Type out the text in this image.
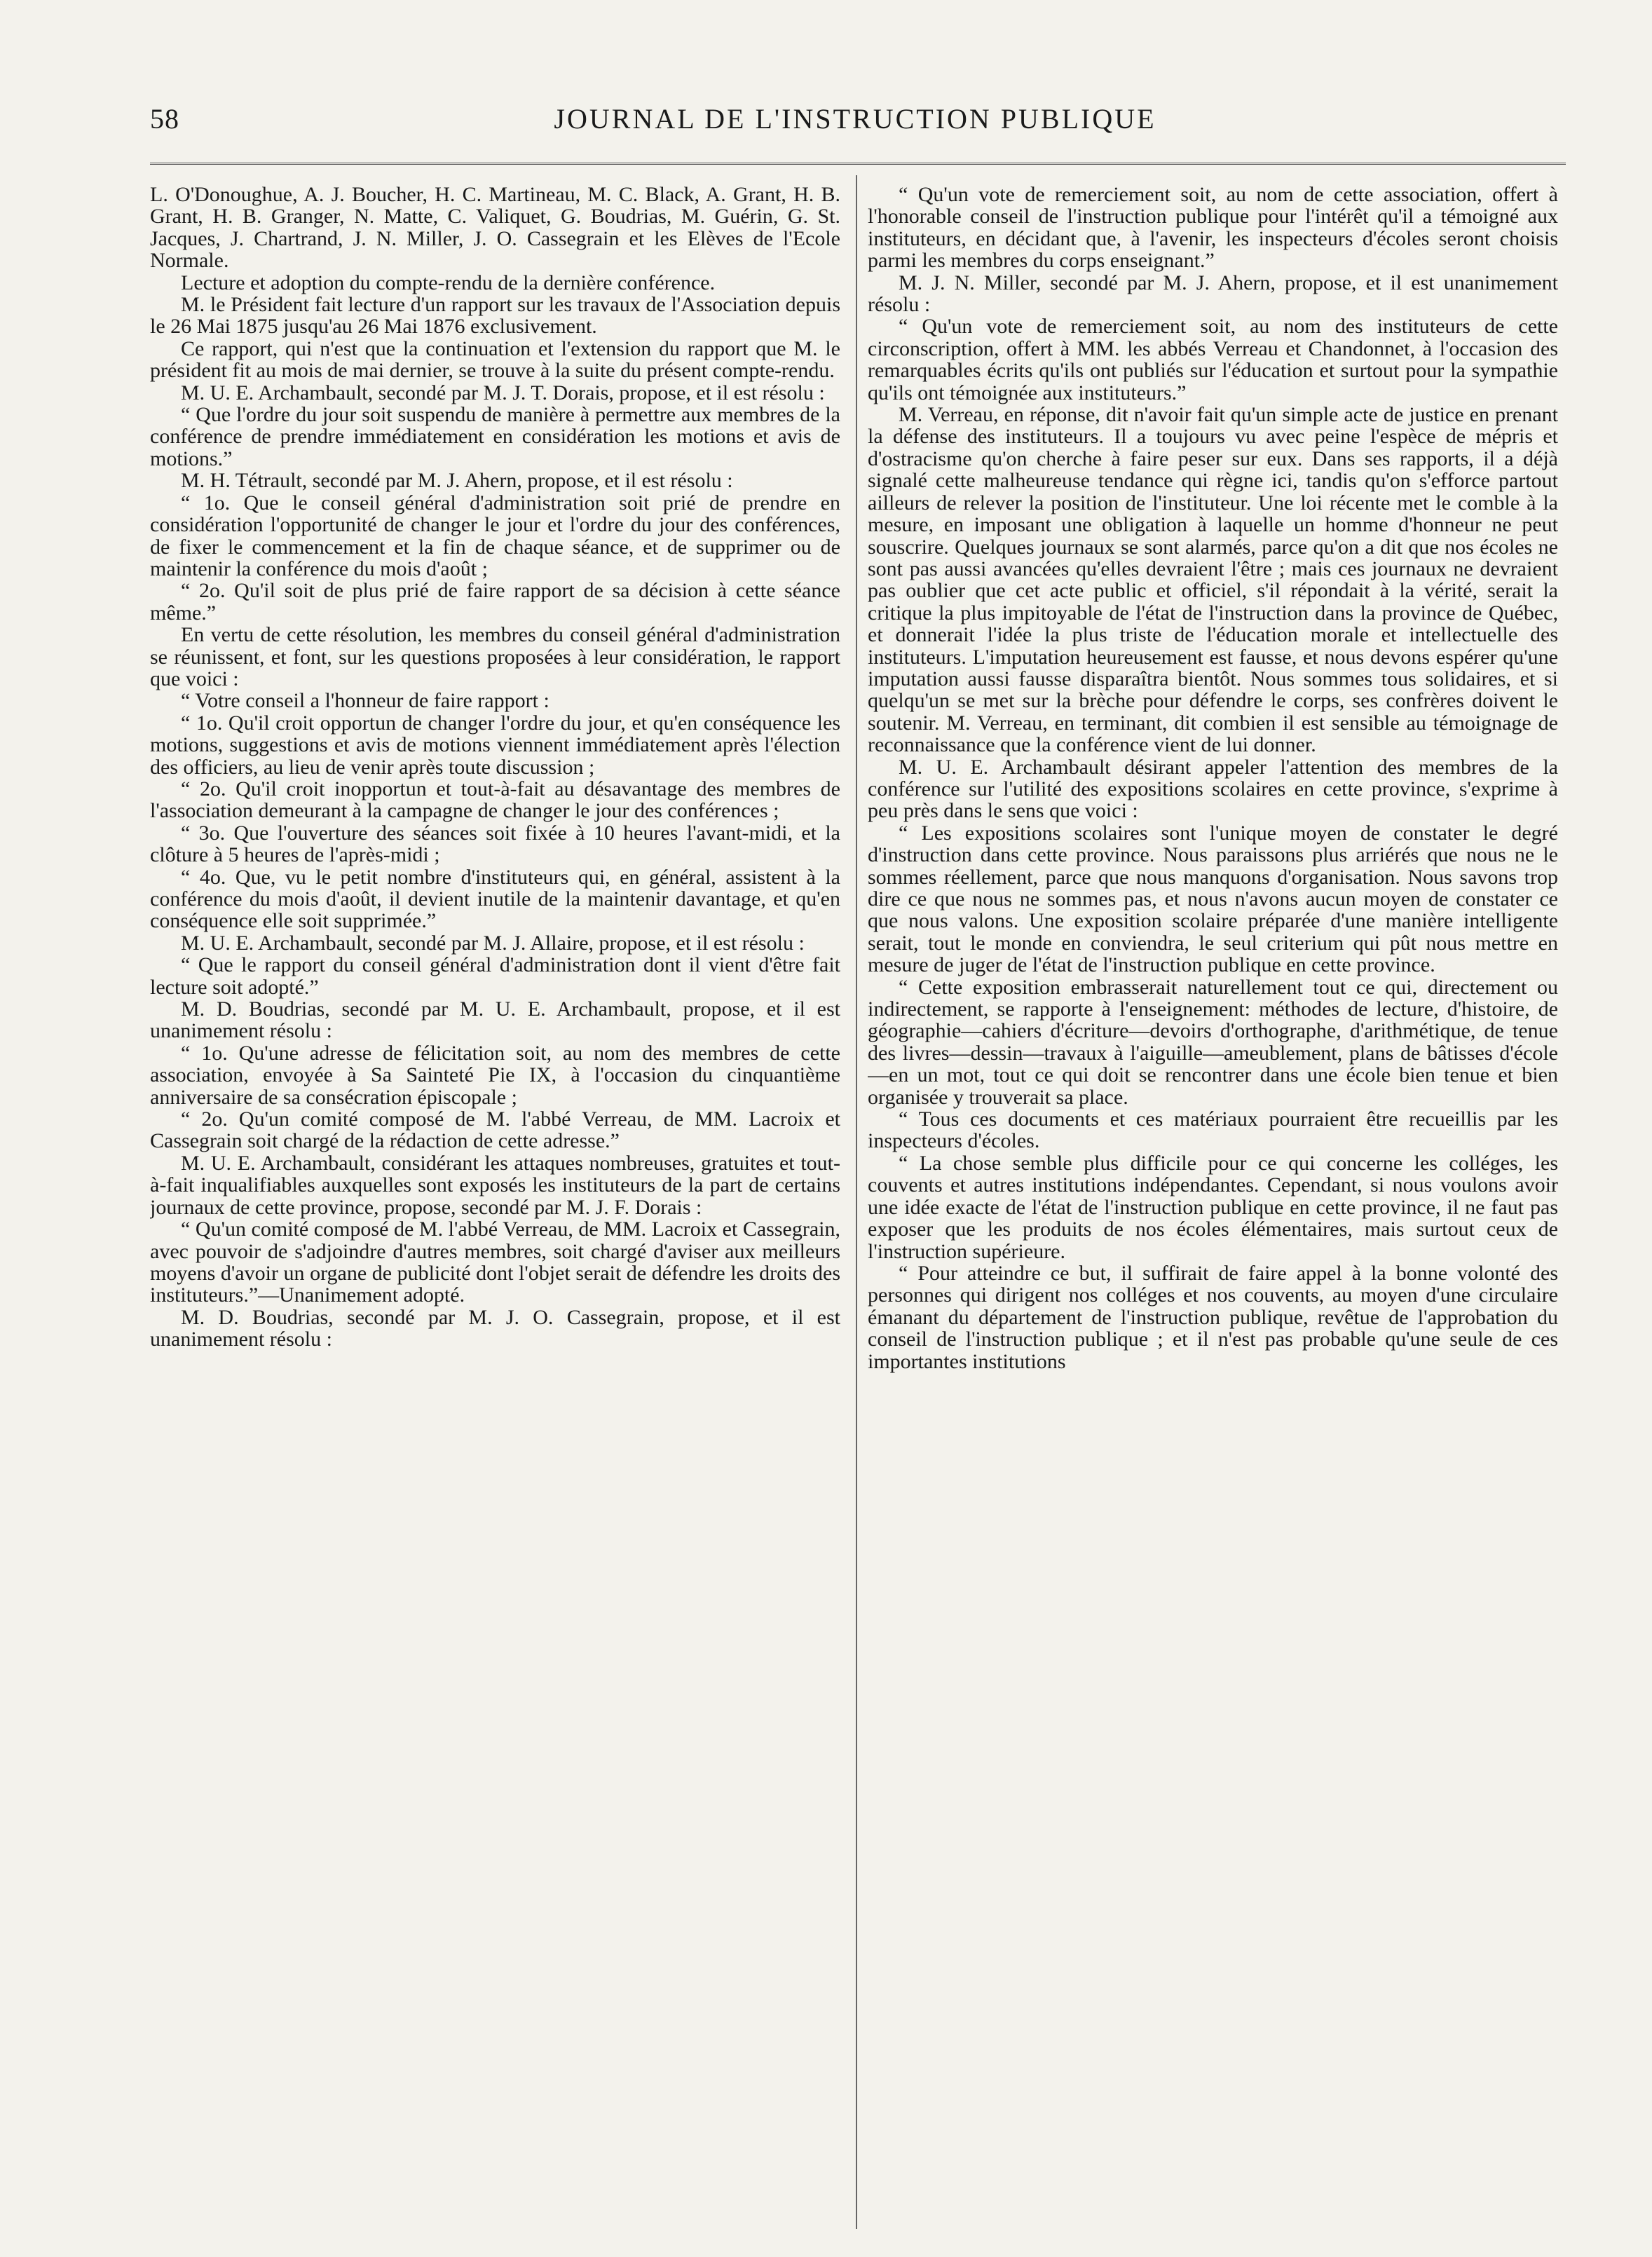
58	JOURNAL DE L'INSTRUCTION PUBLIQUE

L. O'Donoughue, A. J. Boucher, H. C. Martineau, M. C. Black, A. Grant, H. B. Grant, H. B. Granger, N. Matte, C. Valiquet, G. Boudrias, M. Guérin, G. St. Jacques, J. Chartrand, J. N. Miller, J. O. Cassegrain et les Elèves de l'Ecole Normale.

Lecture et adoption du compte-rendu de la dernière conférence.

M. le Président fait lecture d'un rapport sur les travaux de l'Association depuis le 26 Mai 1875 jusqu'au 26 Mai 1876 exclusivement.

Ce rapport, qui n'est que la continuation et l'extension du rapport que M. le président fit au mois de mai dernier, se trouve à la suite du présent compte-rendu.

M. U. E. Archambault, secondé par M. J. T. Dorais, propose, et il est résolu :

“ Que l'ordre du jour soit suspendu de manière à permettre aux membres de la conférence de prendre immédiatement en considération les motions et avis de motions.”

M. H. Tétrault, secondé par M. J. Ahern, propose, et il est résolu :

“ 1o. Que le conseil général d'administration soit prié de prendre en considération l'opportunité de changer le jour et l'ordre du jour des conférences, de fixer le commencement et la fin de chaque séance, et de supprimer ou de maintenir la conférence du mois d'août ;

“ 2o. Qu'il soit de plus prié de faire rapport de sa décision à cette séance même.”

En vertu de cette résolution, les membres du conseil général d'administration se réunissent, et font, sur les questions proposées à leur considération, le rapport que voici :

“ Votre conseil a l'honneur de faire rapport :

“ 1o. Qu'il croit opportun de changer l'ordre du jour, et qu'en conséquence les motions, suggestions et avis de motions viennent immédiatement après l'élection des officiers, au lieu de venir après toute discussion ;

“ 2o. Qu'il croit inopportun et tout-à-fait au désavantage des membres de l'association demeurant à la campagne de changer le jour des conférences ;

“ 3o. Que l'ouverture des séances soit fixée à 10 heures l'avant-midi, et la clôture à 5 heures de l'après-midi ;

“ 4o. Que, vu le petit nombre d'instituteurs qui, en général, assistent à la conférence du mois d'août, il devient inutile de la maintenir davantage, et qu'en conséquence elle soit supprimée.”

M. U. E. Archambault, secondé par M. J. Allaire, propose, et il est résolu :

“ Que le rapport du conseil général d'administration dont il vient d'être fait lecture soit adopté.”

M. D. Boudrias, secondé par M. U. E. Archambault, propose, et il est unanimement résolu :

“ 1o. Qu'une adresse de félicitation soit, au nom des membres de cette association, envoyée à Sa Sainteté Pie IX, à l'occasion du cinquantième anniversaire de sa consécration épiscopale ;

“ 2o. Qu'un comité composé de M. l'abbé Verreau, de MM. Lacroix et Cassegrain soit chargé de la rédaction de cette adresse.”

M. U. E. Archambault, considérant les attaques nombreuses, gratuites et tout-à-fait inqualifiables auxquelles sont exposés les instituteurs de la part de certains journaux de cette province, propose, secondé par M. J. F. Dorais :

“ Qu'un comité composé de M. l'abbé Verreau, de MM. Lacroix et Cassegrain, avec pouvoir de s'adjoindre d'autres membres, soit chargé d'aviser aux meilleurs moyens d'avoir un organe de publicité dont l'objet serait de défendre les droits des instituteurs.”—Unanimement adopté.

M. D. Boudrias, secondé par M. J. O. Cassegrain, propose, et il est unanimement résolu :

“ Qu'un vote de remerciement soit, au nom de cette association, offert à l'honorable conseil de l'instruction publique pour l'intérêt qu'il a témoigné aux instituteurs, en décidant que, à l'avenir, les inspecteurs d'écoles seront choisis parmi les membres du corps enseignant.”

M. J. N. Miller, secondé par M. J. Ahern, propose, et il est unanimement résolu :

“ Qu'un vote de remerciement soit, au nom des instituteurs de cette circonscription, offert à MM. les abbés Verreau et Chandonnet, à l'occasion des remarquables écrits qu'ils ont publiés sur l'éducation et surtout pour la sympathie qu'ils ont témoignée aux instituteurs.”

M. Verreau, en réponse, dit n'avoir fait qu'un simple acte de justice en prenant la défense des instituteurs. Il a toujours vu avec peine l'espèce de mépris et d'ostracisme qu'on cherche à faire peser sur eux. Dans ses rapports, il a déjà signalé cette malheureuse tendance qui règne ici, tandis qu'on s'efforce partout ailleurs de relever la position de l'instituteur. Une loi récente met le comble à la mesure, en imposant une obligation à laquelle un homme d'honneur ne peut souscrire. Quelques journaux se sont alarmés, parce qu'on a dit que nos écoles ne sont pas aussi avancées qu'elles devraient l'être ; mais ces journaux ne devraient pas oublier que cet acte public et officiel, s'il répondait à la vérité, serait la critique la plus impitoyable de l'état de l'instruction dans la province de Québec, et donnerait l'idée la plus triste de l'éducation morale et intellectuelle des instituteurs. L'imputation heureusement est fausse, et nous devons espérer qu'une imputation aussi fausse disparaîtra bientôt. Nous sommes tous solidaires, et si quelqu'un se met sur la brèche pour défendre le corps, ses confrères doivent le soutenir. M. Verreau, en terminant, dit combien il est sensible au témoignage de reconnaissance que la conférence vient de lui donner.

M. U. E. Archambault désirant appeler l'attention des membres de la conférence sur l'utilité des expositions scolaires en cette province, s'exprime à peu près dans le sens que voici :

“ Les expositions scolaires sont l'unique moyen de constater le degré d'instruction dans cette province. Nous paraissons plus arriérés que nous ne le sommes réellement, parce que nous manquons d'organisation. Nous savons trop dire ce que nous ne sommes pas, et nous n'avons aucun moyen de constater ce que nous valons. Une exposition scolaire préparée d'une manière intelligente serait, tout le monde en conviendra, le seul criterium qui pût nous mettre en mesure de juger de l'état de l'instruction publique en cette province.

“ Cette exposition embrasserait naturellement tout ce qui, directement ou indirectement, se rapporte à l'enseignement: méthodes de lecture, d'histoire, de géographie—cahiers d'écriture—devoirs d'orthographe, d'arithmétique, de tenue des livres—dessin—travaux à l'aiguille—ameublement, plans de bâtisses d'école—en un mot, tout ce qui doit se rencontrer dans une école bien tenue et bien organisée y trouverait sa place.

“ Tous ces documents et ces matériaux pourraient être recueillis par les inspecteurs d'écoles.

“ La chose semble plus difficile pour ce qui concerne les colléges, les couvents et autres institutions indépendantes. Cependant, si nous voulons avoir une idée exacte de l'état de l'instruction publique en cette province, il ne faut pas exposer que les produits de nos écoles élémentaires, mais surtout ceux de l'instruction supérieure.

“ Pour atteindre ce but, il suffirait de faire appel à la bonne volonté des personnes qui dirigent nos colléges et nos couvents, au moyen d'une circulaire émanant du département de l'instruction publique, revêtue de l'approbation du conseil de l'instruction publique ; et il n'est pas probable qu'une seule de ces importantes institutions
